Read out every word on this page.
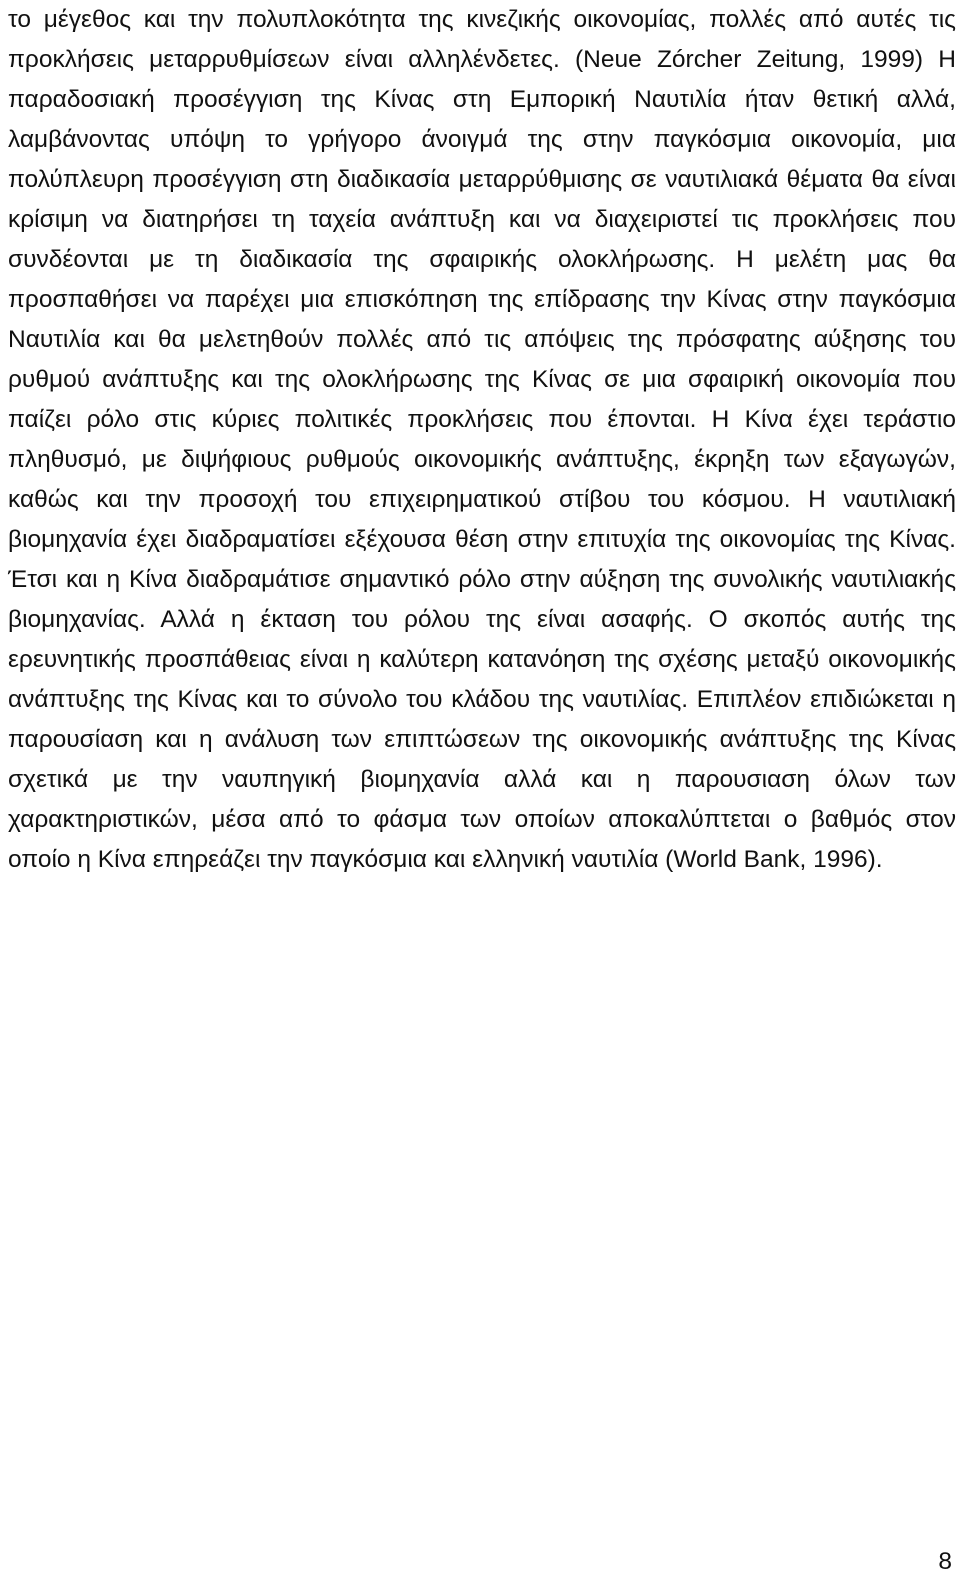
το μέγεθος και την πολυπλοκότητα της κινεζικής οικονομίας, πολλές από αυτές τις προκλήσεις μεταρρυθμίσεων είναι αλληλένδετες. (Neue Zórcher Zeitung, 1999) Η παραδοσιακή προσέγγιση της Κίνας στη Εμπορική Ναυτιλία ήταν θετική αλλά, λαμβάνοντας υπόψη το γρήγορο άνοιγμά της στην παγκόσμια οικονομία, μια πολύπλευρη προσέγγιση στη διαδικασία μεταρρύθμισης σε ναυτιλιακά θέματα θα είναι κρίσιμη να διατηρήσει τη ταχεία ανάπτυξη και να διαχειριστεί τις προκλήσεις που συνδέονται με τη διαδικασία της σφαιρικής ολοκλήρωσης. Η μελέτη μας θα προσπαθήσει να παρέχει μια επισκόπηση της επίδρασης την Κίνας στην παγκόσμια Ναυτιλία και θα μελετηθούν πολλές από τις απόψεις της πρόσφατης αύξησης του ρυθμού ανάπτυξης και της ολοκλήρωσης της Κίνας σε μια σφαιρική οικονομία που παίζει ρόλο στις κύριες πολιτικές προκλήσεις που έπονται. Η Κίνα έχει τεράστιο πληθυσμό, με διψήφιους ρυθμούς οικονομικής ανάπτυξης, έκρηξη των εξαγωγών, καθώς και την προσοχή του επιχειρηματικού στίβου του κόσμου. Η ναυτιλιακή βιομηχανία έχει διαδραματίσει εξέχουσα θέση στην επιτυχία της οικονομίας της Κίνας. Έτσι και η Κίνα διαδραμάτισε σημαντικό ρόλο στην αύξηση της συνολικής ναυτιλιακής βιομηχανίας. Αλλά η έκταση του ρόλου της είναι ασαφής. Ο σκοπός αυτής της ερευνητικής προσπάθειας είναι η καλύτερη κατανόηση της σχέσης μεταξύ οικονομικής ανάπτυξης της Κίνας και το σύνολο του κλάδου της ναυτιλίας. Επιπλέον επιδιώκεται η παρουσίαση και η ανάλυση των επιπτώσεων της οικονομικής ανάπτυξης της Κίνας σχετικά με την ναυπηγική βιομηχανία αλλά και η παρουσιαση όλων των χαρακτηριστικών, μέσα από το φάσμα των οποίων αποκαλύπτεται ο βαθμός στον οποίο η Κίνα επηρεάζει την παγκόσμια και ελληνική ναυτιλία (World Bank, 1996).

8
